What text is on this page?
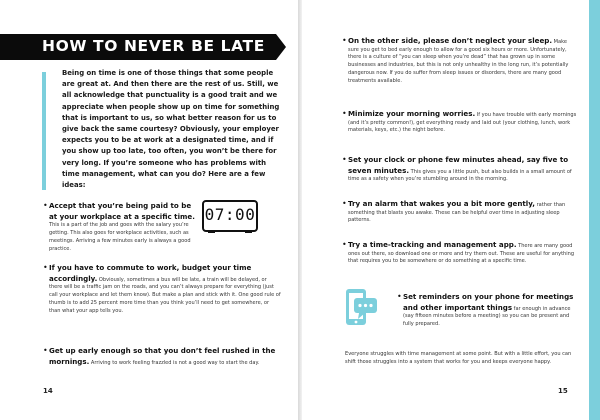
HOW TO NEVER BE LATE

Being on time is one of those things that some people are great at. And then there are the rest of us. Still, we all acknowledge that punctuality is a good trait and we appreciate when people show up on time for something that is important to us, so what better reason for us to give back the same courtesy? Obviously, your employer expects you to be at work at a designated time, and if you show up too late, too often, you won’t be there for very long. If you’re someone who has problems with time management, what can you do? Here are a few ideas:

• Accept that you’re being paid to be at your workplace at a specific time. This is a part of the job and goes with the salary you’re getting. This also goes for workplace activities, such as meetings. Arriving a few minutes early is always a good practice.
07:00
• If you have to commute to work, budget your time accordingly. Obviously, sometimes a bus will be late, a train will be delayed, or there will be a traffic jam on the roads, and you can’t always prepare for everything (just call your workplace and let them know). But make a plan and stick with it. One good rule of thumb is to add 25 percent more time than you think you’ll need to get somewhere, or than what your app tells you.
• Get up early enough so that you don’t feel rushed in the mornings. Arriving to work feeling frazzled is not a good way to start the day.
14
• On the other side, please don’t neglect your sleep. Make sure you get to bed early enough to allow for a good six hours or more. Unfortunately, there is a culture of “you can sleep when you’re dead” that has grown up in some businesses and industries, but this is not only unhealthy in the long run, it’s potentially dangerous now. If you do suffer from sleep issues or disorders, there are many good treatments available.
• Minimize your morning worries. If you have trouble with early mornings (and it’s pretty common!), get everything ready and laid out (your clothing, lunch, work materials, keys, etc.) the night before.
• Set your clock or phone few minutes ahead, say five to seven minutes. This gives you a little push, but also builds in a small amount of time as a safety when you’re stumbling around in the morning.
• Try an alarm that wakes you a bit more gently, rather than something that blasts you awake. These can be helpful over time in adjusting sleep patterns.
• Try a time-tracking and management app. There are many good ones out there, so download one or more and try them out. These are useful for anything that requires you to be somewhere or do something at a specific time.
• Set reminders on your phone for meetings and other important things far enough in advance (say fifteen minutes before a meeting) so you can be present and fully prepared.

Everyone struggles with time management at some point. But with a little effort, you can shift those struggles into a system that works for you and keeps everyone happy.

15
